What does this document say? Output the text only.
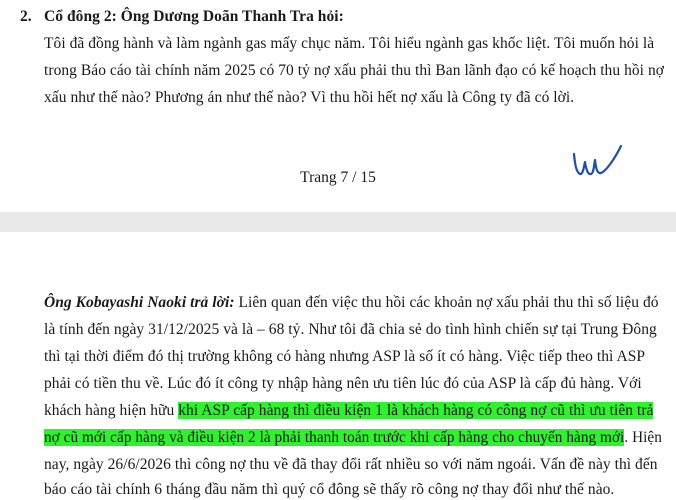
2. Cổ đông 2: Ông Dương Doãn Thanh Tra hỏi:
Tôi đã đồng hành và làm ngành gas mấy chục năm. Tôi hiểu ngành gas khốc liệt. Tôi muốn hỏi là
trong Báo cáo tài chính năm 2025 có 70 tỷ nợ xấu phải thu thì Ban lãnh đạo có kế hoạch thu hồi nợ
xấu như thế nào? Phương án như thế nào? Vì thu hồi hết nợ xấu là Công ty đã có lời.
Trang 7 / 15
Ông Kobayashi Naoki trả lời: Liên quan đến việc thu hồi các khoản nợ xấu phải thu thì số liệu đó
là tính đến ngày 31/12/2025 và là – 68 tỷ. Như tôi đã chia sẻ do tình hình chiến sự tại Trung Đông
thì tại thời điểm đó thị trường không có hàng nhưng ASP là số ít có hàng. Việc tiếp theo thì ASP
phải có tiền thu về. Lúc đó ít công ty nhập hàng nên ưu tiên lúc đó của ASP là cấp đủ hàng. Với
khách hàng hiện hữu khi ASP cấp hàng thì điều kiện 1 là khách hàng có công nợ cũ thì ưu tiên trả
nợ cũ mới cấp hàng và điều kiện 2 là phải thanh toán trước khi cấp hàng cho chuyến hàng mới. Hiện
nay, ngày 26/6/2026 thì công nợ thu về đã thay đổi rất nhiều so với năm ngoái. Vấn đề này thì đến
báo cáo tài chính 6 tháng đầu năm thì quý cổ đông sẽ thấy rõ công nợ thay đổi như thế nào.
